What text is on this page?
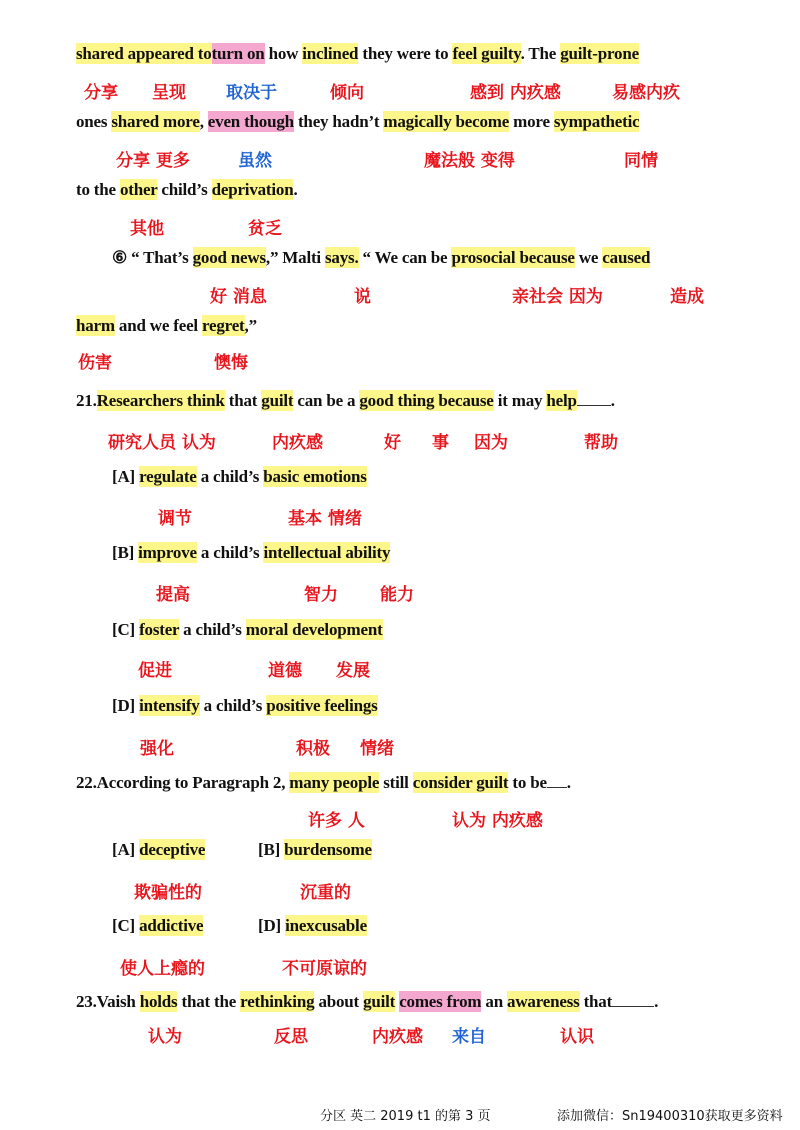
shared appeared toturn on how inclined they were to feel guilty. The guilt-prone
分享 呈现 取决于	倾向	感到 内疚感	易感内疚
ones shared more, even though they hadn’t magically become more sympathetic
分享 更多	虽然	魔法般 变得	同情
to the other child’s deprivation.
其他	贫乏
⑥ “ That’s good news,” Malti says. “ We can be prosocial because we caused
好 消息	说	亲社会 因为	造成
harm and we feel regret,”
伤害	懊悔
21.Researchers think that guilt can be a good thing because it may help .
研究人员 认为	内疚感	好 事 因为	帮助
[A] regulate a child’s basic emotions
调节	基本 情绪
[B] improve a child’s intellectual ability
提高	智力 能力
[C] foster a child’s moral development
促进	道德 发展
[D] intensify a child’s positive feelings
强化	积极 情绪
22.According to Paragraph 2, many people still consider guilt to be .
许多 人	认为 内疚感
[A] deceptive	[B] burdensome
欺骗性的	沉重的
[C] addictive	[D] inexcusable
使人上瘾的	不可原谅的
23.Vaish holds that the rethinking about guilt comes from an awareness that .
认为	反思	内疚感 来自	认识
分区 英二 2019 t1 的第 3 页	添加微信：Sn19400310获取更多资料
